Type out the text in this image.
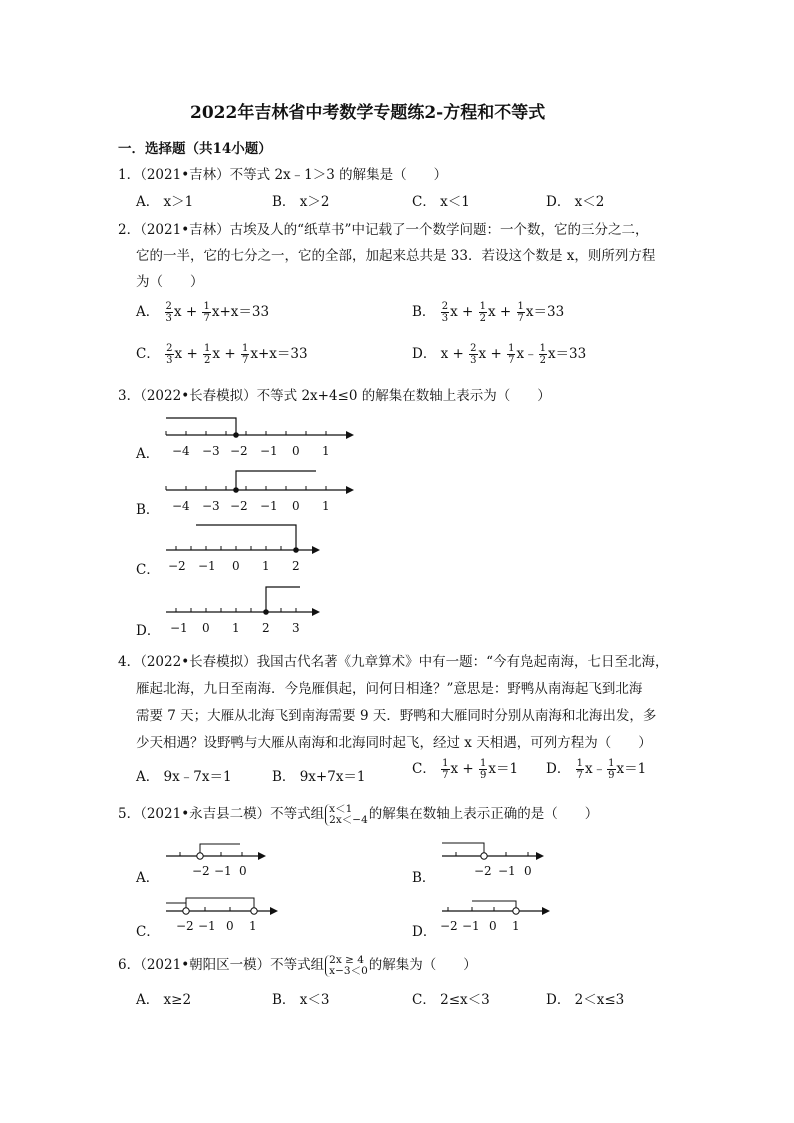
2022年吉林省中考数学专题练2-方程和不等式
一．选择题（共14小题）
1．（2021•吉林）不等式 2x﹣1＞3 的解集是（　　）
A． x＞1	B． x＞2	C． x＜1	D． x＜2
2．（2021•吉林）古埃及人的“纸草书”中记载了一个数学问题：一个数，它的三分之二，
它的一半，它的七分之一，它的全部，加起来总共是 33．若设这个数是 x，则所列方程
为（　　）
A． $\frac{2}{3}$ $x + \frac{1}{7} x+x=33$	B． $\frac{2}{3}$ $x + \frac{1}{2}$ $x + \frac{1}{7} x=33$
C． $\frac{2}{3}$ $x + \frac{1}{2}$ $x + \frac{1}{7} x+x=33$	D． $x + \frac{2}{3}$ $x + \frac{1}{7}$ x﹣ $\frac{1}{2} x=33$
3．（2022•长春模拟）不等式 2x+4≤0 的解集在数轴上表示为（　　）
A． −4 −3 −2 −1 0 1
B． −4 −3 −2 −1 0 1
C． −2 −1 0 1 2
D． −1 0 1 2 3
4．（2022•长春模拟）我国古代名著《九章算术》中有一题：“今有凫起南海，七日至北海，
雁起北海，九日至南海．今凫雁俱起，问何日相逢？”意思是：野鸭从南海起飞到北海
需要 7 天；大雁从北海飞到南海需要 9 天．野鸭和大雁同时分别从南海和北海出发，多
少天相遇？设野鸭与大雁从南海和北海同时起飞，经过 x 天相遇，可列方程为（　　）
A． 9x﹣7x＝1	B． 9x+7x＝1	C． $\frac{1}{7}$ $x + \frac{1}{9} x=1$ D． $\frac{1}{7}$ x﹣ $\frac{1}{9} x=1$
5．（2021•永吉县二模）不等式组 x＜1
2x＜−4 的解集在数轴上表示正确的是（　　）
A．	−2 −1 0	B．	−2 −1 0
C． −2 −1 0 1	D． −2 −1 0 1
6．（2021•朝阳区一模）不等式组 2x ≥ 4
x−3＜0 的解集为（　　）
A． x≥2	B． x＜3	C． 2≤x＜3	D． 2＜x≤3
